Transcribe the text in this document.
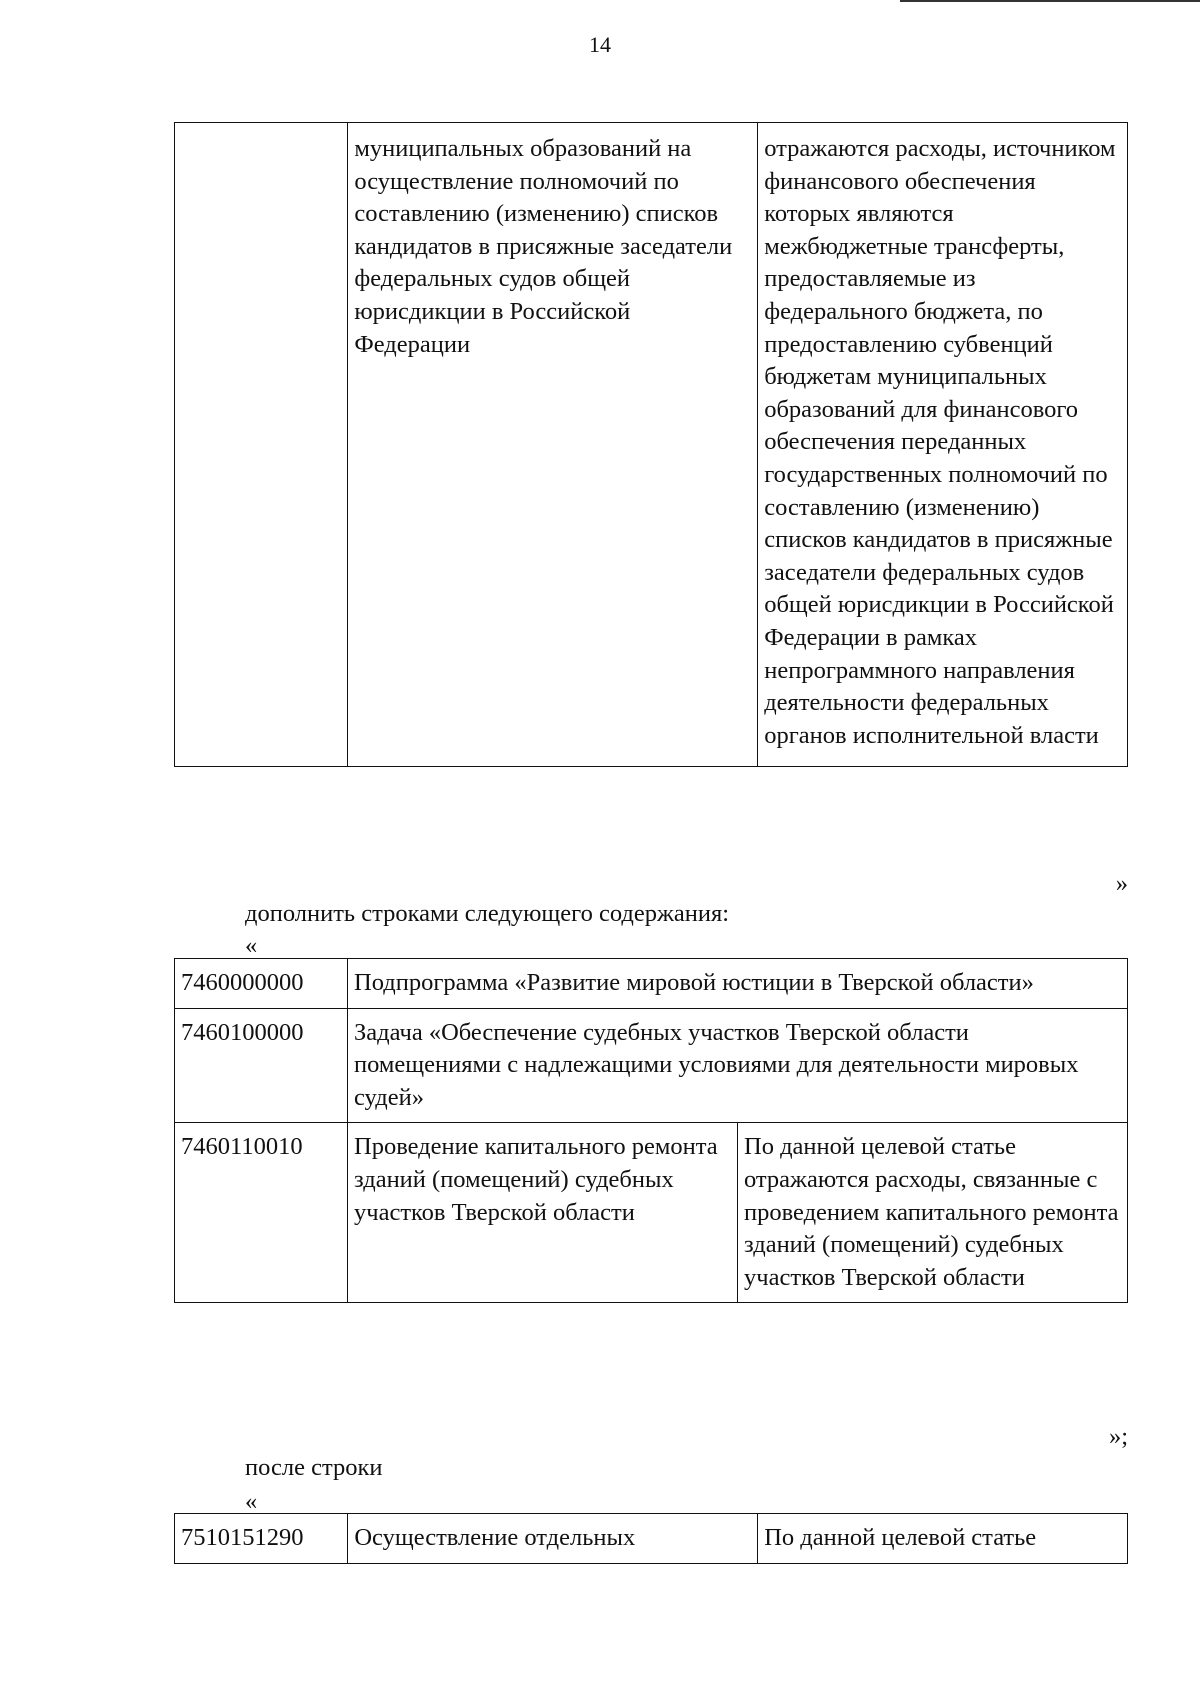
14
	муниципальных образований на осуществление полномочий по составлению (изменению) списков кандидатов в присяжные заседатели федеральных судов общей юрисдикции в Российской Федерации	отражаются расходы, источником финансового обеспечения которых являются межбюджетные трансферты, предоставляемые из федерального бюджета, по предоставлению субвенций бюджетам муниципальных образований для финансового обеспечения переданных государственных полномочий по составлению (изменению) списков кандидатов в присяжные заседатели федеральных судов общей юрисдикции в Российской Федерации в рамках непрограммного направления деятельности федеральных органов исполнительной власти
»
дополнить строками следующего содержания:
«
7460000000	Подпрограмма «Развитие мировой юстиции в Тверской области»	
7460100000	Задача «Обеспечение судебных участков Тверской области помещениями с надлежащими условиями для деятельности мировых судей»	
7460110010	Проведение капитального ремонта зданий (помещений) судебных участков Тверской области	По данной целевой статье отражаются расходы, связанные с проведением капитального ремонта зданий (помещений) судебных участков Тверской области
»;
после строки
«
7510151290	Осуществление отдельных	По данной целевой статье
